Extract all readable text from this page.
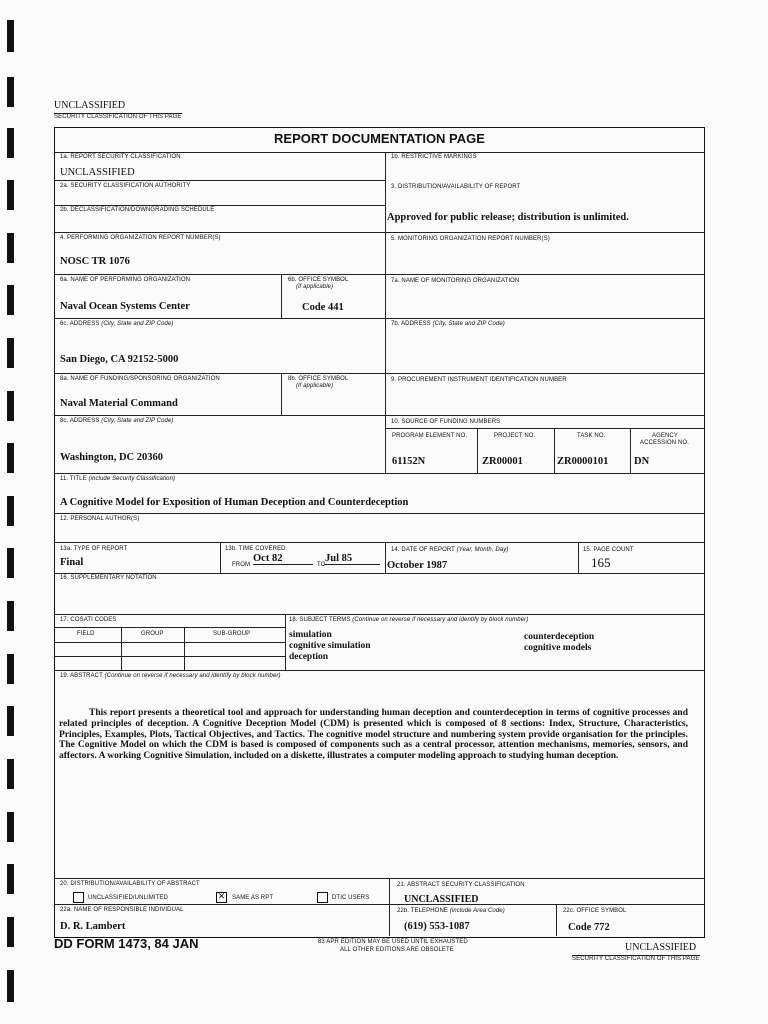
UNCLASSIFIED
SECURITY CLASSIFICATION OF THIS PAGE
REPORT DOCUMENTATION PAGE
1a. REPORT SECURITY CLASSIFICATION
UNCLASSIFIED
1b. RESTRICTIVE MARKINGS
2a. SECURITY CLASSIFICATION AUTHORITY
2b. DECLASSIFICATION/DOWNGRADING SCHEDULE
3. DISTRIBUTION/AVAILABILITY OF REPORT
Approved for public release; distribution is unlimited.
4. PERFORMING ORGANIZATION REPORT NUMBER(S)
NOSC TR 1076
5. MONITORING ORGANIZATION REPORT NUMBER(S)
6a. NAME OF PERFORMING ORGANIZATION
Naval Ocean Systems Center
6b. OFFICE SYMBOL
(if applicable)
Code 441
7a. NAME OF MONITORING ORGANIZATION
6c. ADDRESS (City, State and ZIP Code)
San Diego, CA 92152-5000
7b. ADDRESS (City, State and ZIP Code)
8a. NAME OF FUNDING/SPONSORING ORGANIZATION
Naval Material Command
8b. OFFICE SYMBOL
(if applicable)
9. PROCUREMENT INSTRUMENT IDENTIFICATION NUMBER
8c. ADDRESS (City, State and ZIP Code)
Washington, DC 20360
10. SOURCE OF FUNDING NUMBERS
PROGRAM ELEMENT NO.	PROJECT NO.	TASK NO.	AGENCY
ACCESSION NO.
61152N	ZR00001	ZR0000101 DN
11. TITLE (include Security Classification)
A Cognitive Model for Exposition of Human Deception and Counterdeception
12. PERSONAL AUTHOR(S)
13a. TYPE OF REPORT
Final
13b. TIME COVERED
FROM
Oct 82
TO
Jul 85
14. DATE OF REPORT (Year, Month, Day)
October 1987
15. PAGE COUNT
165
16. SUPPLEMENTARY NOTATION
17. COSATI CODES
FIELD	GROUP	SUB-GROUP
18. SUBJECT TERMS (Continue on reverse if necessary and identify by block number)
simulation
cognitive simulation
deception
counterdeception
cognitive models
19. ABSTRACT (Continue on reverse if necessary and identify by block number)
This report presents a theoretical tool and approach for understanding human deception and counterdeception in terms of cognitive processes and related principles of deception. A Cognitive Deception Model (CDM) is presented which is composed of 8 sections: Index, Structure, Characteristics, Principles, Examples, Plots, Tactical Objectives, and Tactics. The cognitive model structure and numbering system provide organisation for the principles. The Cognitive Model on which the CDM is based is composed of components such as a central processor, attention mechanisms, memories, sensors, and affectors. A working Cognitive Simulation, included on a diskette, illustrates a computer modeling approach to studying human deception.
20. DISTRIBUTION/AVAILABILITY OF ABSTRACT
UNCLASSIFIED/UNLIMITED	✕ SAME AS RPT	DTIC USERS
21. ABSTRACT SECURITY CLASSIFICATION
UNCLASSIFIED
22a. NAME OF RESPONSIBLE INDIVIDUAL
D. R. Lambert
22b. TELEPHONE (include Area Code)
(619) 553-1087
22c. OFFICE SYMBOL
Code 772
DD FORM 1473, 84 JAN	83 APR EDITION MAY BE USED UNTIL EXHAUSTED
ALL OTHER EDITIONS ARE OBSOLETE	UNCLASSIFIED
SECURITY CLASSIFICATION OF THIS PAGE
